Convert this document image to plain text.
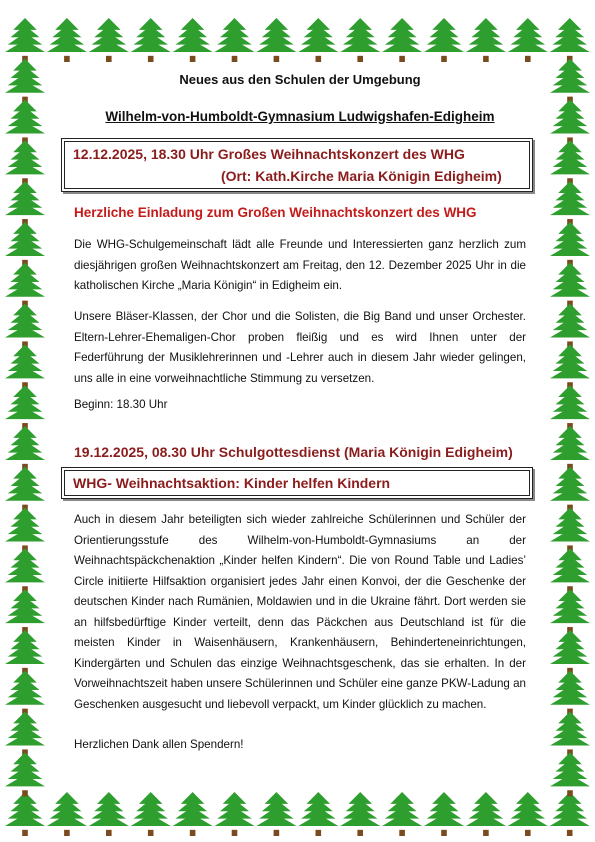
Neues aus den Schulen der Umgebung
Wilhelm-von-Humboldt-Gymnasium Ludwigshafen-Edigheim
12.12.2025, 18.30 Uhr Großes Weihnachtskonzert des WHG
(Ort: Kath.Kirche Maria Königin Edigheim)
Herzliche Einladung zum Großen Weihnachtskonzert des WHG

Die WHG-Schulgemeinschaft lädt alle Freunde und Interessierten ganz herzlich zum diesjährigen großen Weihnachtskonzert am Freitag, den 12. Dezember 2025 Uhr in die katholischen Kirche „Maria Königin“ in Edigheim ein.

Unsere Bläser-Klassen, der Chor und die Solisten, die Big Band und unser Orchester. Eltern-Lehrer-Ehemaligen-Chor proben fleißig und es wird Ihnen unter der Federführung der Musiklehrerinnen und -Lehrer auch in diesem Jahr wieder gelingen, uns alle in eine vorweihnachtliche Stimmung zu versetzen.

Beginn: 18.30 Uhr

19.12.2025, 08.30 Uhr Schulgottesdienst (Maria Königin Edigheim)
WHG- Weihnachtsaktion: Kinder helfen Kindern

Auch in diesem Jahr beteiligten sich wieder zahlreiche Schülerinnen und Schüler der Orientierungsstufe des Wilhelm-von-Humboldt-Gymnasiums an der Weihnachtspäckchenaktion „Kinder helfen Kindern“. Die von Round Table und Ladies’ Circle initiierte Hilfsaktion organisiert jedes Jahr einen Konvoi, der die Geschenke der deutschen Kinder nach Rumänien, Moldawien und in die Ukraine fährt. Dort werden sie an hilfsbedürftige Kinder verteilt, denn das Päckchen aus Deutschland ist für die meisten Kinder in Waisenhäusern, Krankenhäusern, Behinderteneinrichtungen, Kindergärten und Schulen das einzige Weihnachtsgeschenk, das sie erhalten. In der Vorweihnachtszeit haben unsere Schülerinnen und Schüler eine ganze PKW-Ladung an Geschenken ausgesucht und liebevoll verpackt, um Kinder glücklich zu machen.

Herzlichen Dank allen Spendern!
